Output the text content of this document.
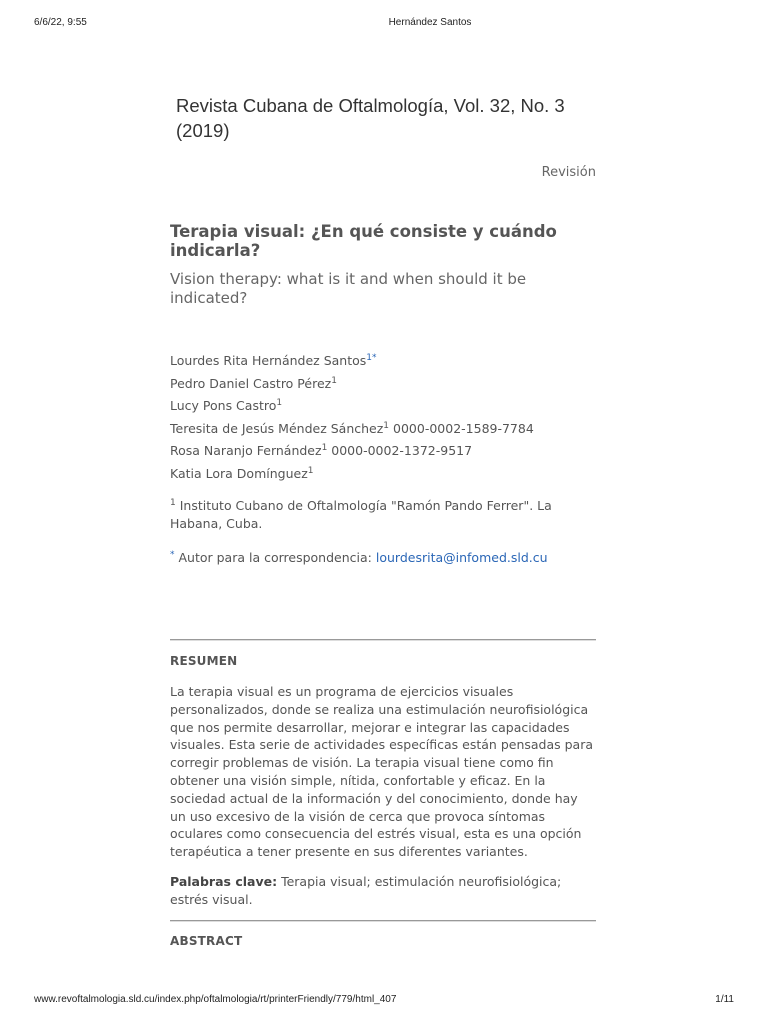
6/6/22, 9:55	Hernández Santos
Revista Cubana de Oftalmología, Vol. 32, No. 3 (2019)
Revisión
Terapia visual: ¿En qué consiste y cuándo indicarla?
Vision therapy: what is it and when should it be indicated?
Lourdes Rita Hernández Santos$^{1*}$
Pedro Daniel Castro Pérez$^1$
Lucy Pons Castro$^1$
Teresita de Jesús Méndez Sánchez$^1$ 0000-0002-1589-7784
Rosa Naranjo Fernández$^1$ 0000-0002-1372-9517
Katia Lora Domínguez$^1$
$^1$ Instituto Cubano de Oftalmología "Ramón Pando Ferrer". La Habana, Cuba.
* Autor para la correspondencia: lourdesrita@infomed.sld.cu
RESUMEN
La terapia visual es un programa de ejercicios visuales personalizados, donde se realiza una estimulación neurofisiológica que nos permite desarrollar, mejorar e integrar las capacidades visuales. Esta serie de actividades específicas están pensadas para corregir problemas de visión. La terapia visual tiene como fin obtener una visión simple, nítida, confortable y eficaz. En la sociedad actual de la información y del conocimiento, donde hay un uso excesivo de la visión de cerca que provoca síntomas oculares como consecuencia del estrés visual, esta es una opción terapéutica a tener presente en sus diferentes variantes.
Palabras clave: Terapia visual; estimulación neurofisiológica; estrés visual.
ABSTRACT
www.revoftalmologia.sld.cu/index.php/oftalmologia/rt/printerFriendly/779/html_407	1/11
